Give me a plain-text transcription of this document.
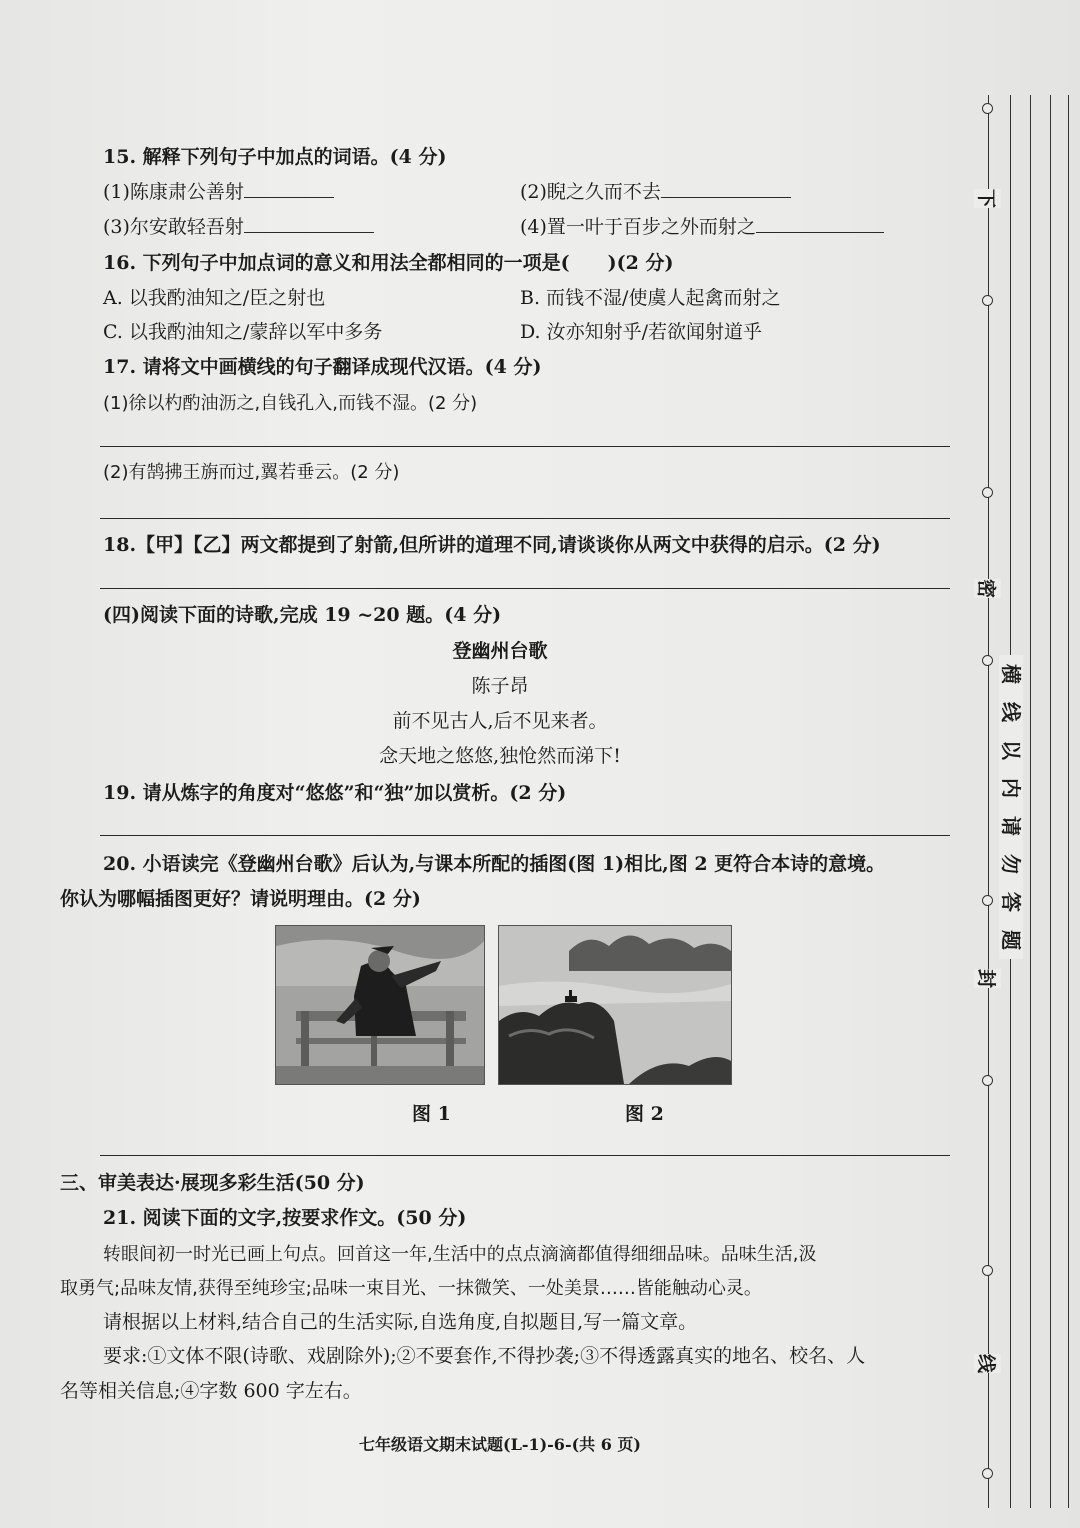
15. 解释下列句子中加点的词语。(4 分)
(1)陈康肃公善射	(2)睨之久而不去
(3)尔安敢轻吾射	(4)置一叶于百步之外而射之
16. 下列句子中加点词的意义和用法全都相同的一项是(　　)(2 分)
A. 以我酌油知之/臣之射也	B. 而钱不湿/使虞人起禽而射之
C. 以我酌油知之/蒙辞以军中多务	D. 汝亦知射乎/若欲闻射道乎
17. 请将文中画横线的句子翻译成现代汉语。(4 分)
(1)徐以杓酌油沥之,自钱孔入,而钱不湿。(2 分)
(2)有鹄拂王旃而过,翼若垂云。(2 分)
18.【甲】【乙】两文都提到了射箭,但所讲的道理不同,请谈谈你从两文中获得的启示。(2 分)
(四)阅读下面的诗歌,完成 19 ~20 题。(4 分)
登幽州台歌
陈子昂
前不见古人,后不见来者。
念天地之悠悠,独怆然而涕下!
19. 请从炼字的角度对“悠悠”和“独”加以赏析。(2 分)
20. 小语读完《登幽州台歌》后认为,与课本所配的插图(图 1)相比,图 2 更符合本诗的意境。
你认为哪幅插图更好？请说明理由。(2 分)
图 1	图 2
三、审美表达·展现多彩生活(50 分)
21. 阅读下面的文字,按要求作文。(50 分)
转眼间初一时光已画上句点。回首这一年,生活中的点点滴滴都值得细细品味。品味生活,汲
取勇气;品味友情,获得至纯珍宝;品味一束目光、一抹微笑、一处美景……皆能触动心灵。
请根据以上材料,结合自己的生活实际,自选角度,自拟题目,写一篇文章。
要求:①文体不限(诗歌、戏剧除外);②不要套作,不得抄袭;③不得透露真实的地名、校名、人
名等相关信息;④字数 600 字左右。
七年级语文期末试题(L-1)-6-(共 6 页)
下
密
封
线
横
线
以
内
请
勿
答
题
